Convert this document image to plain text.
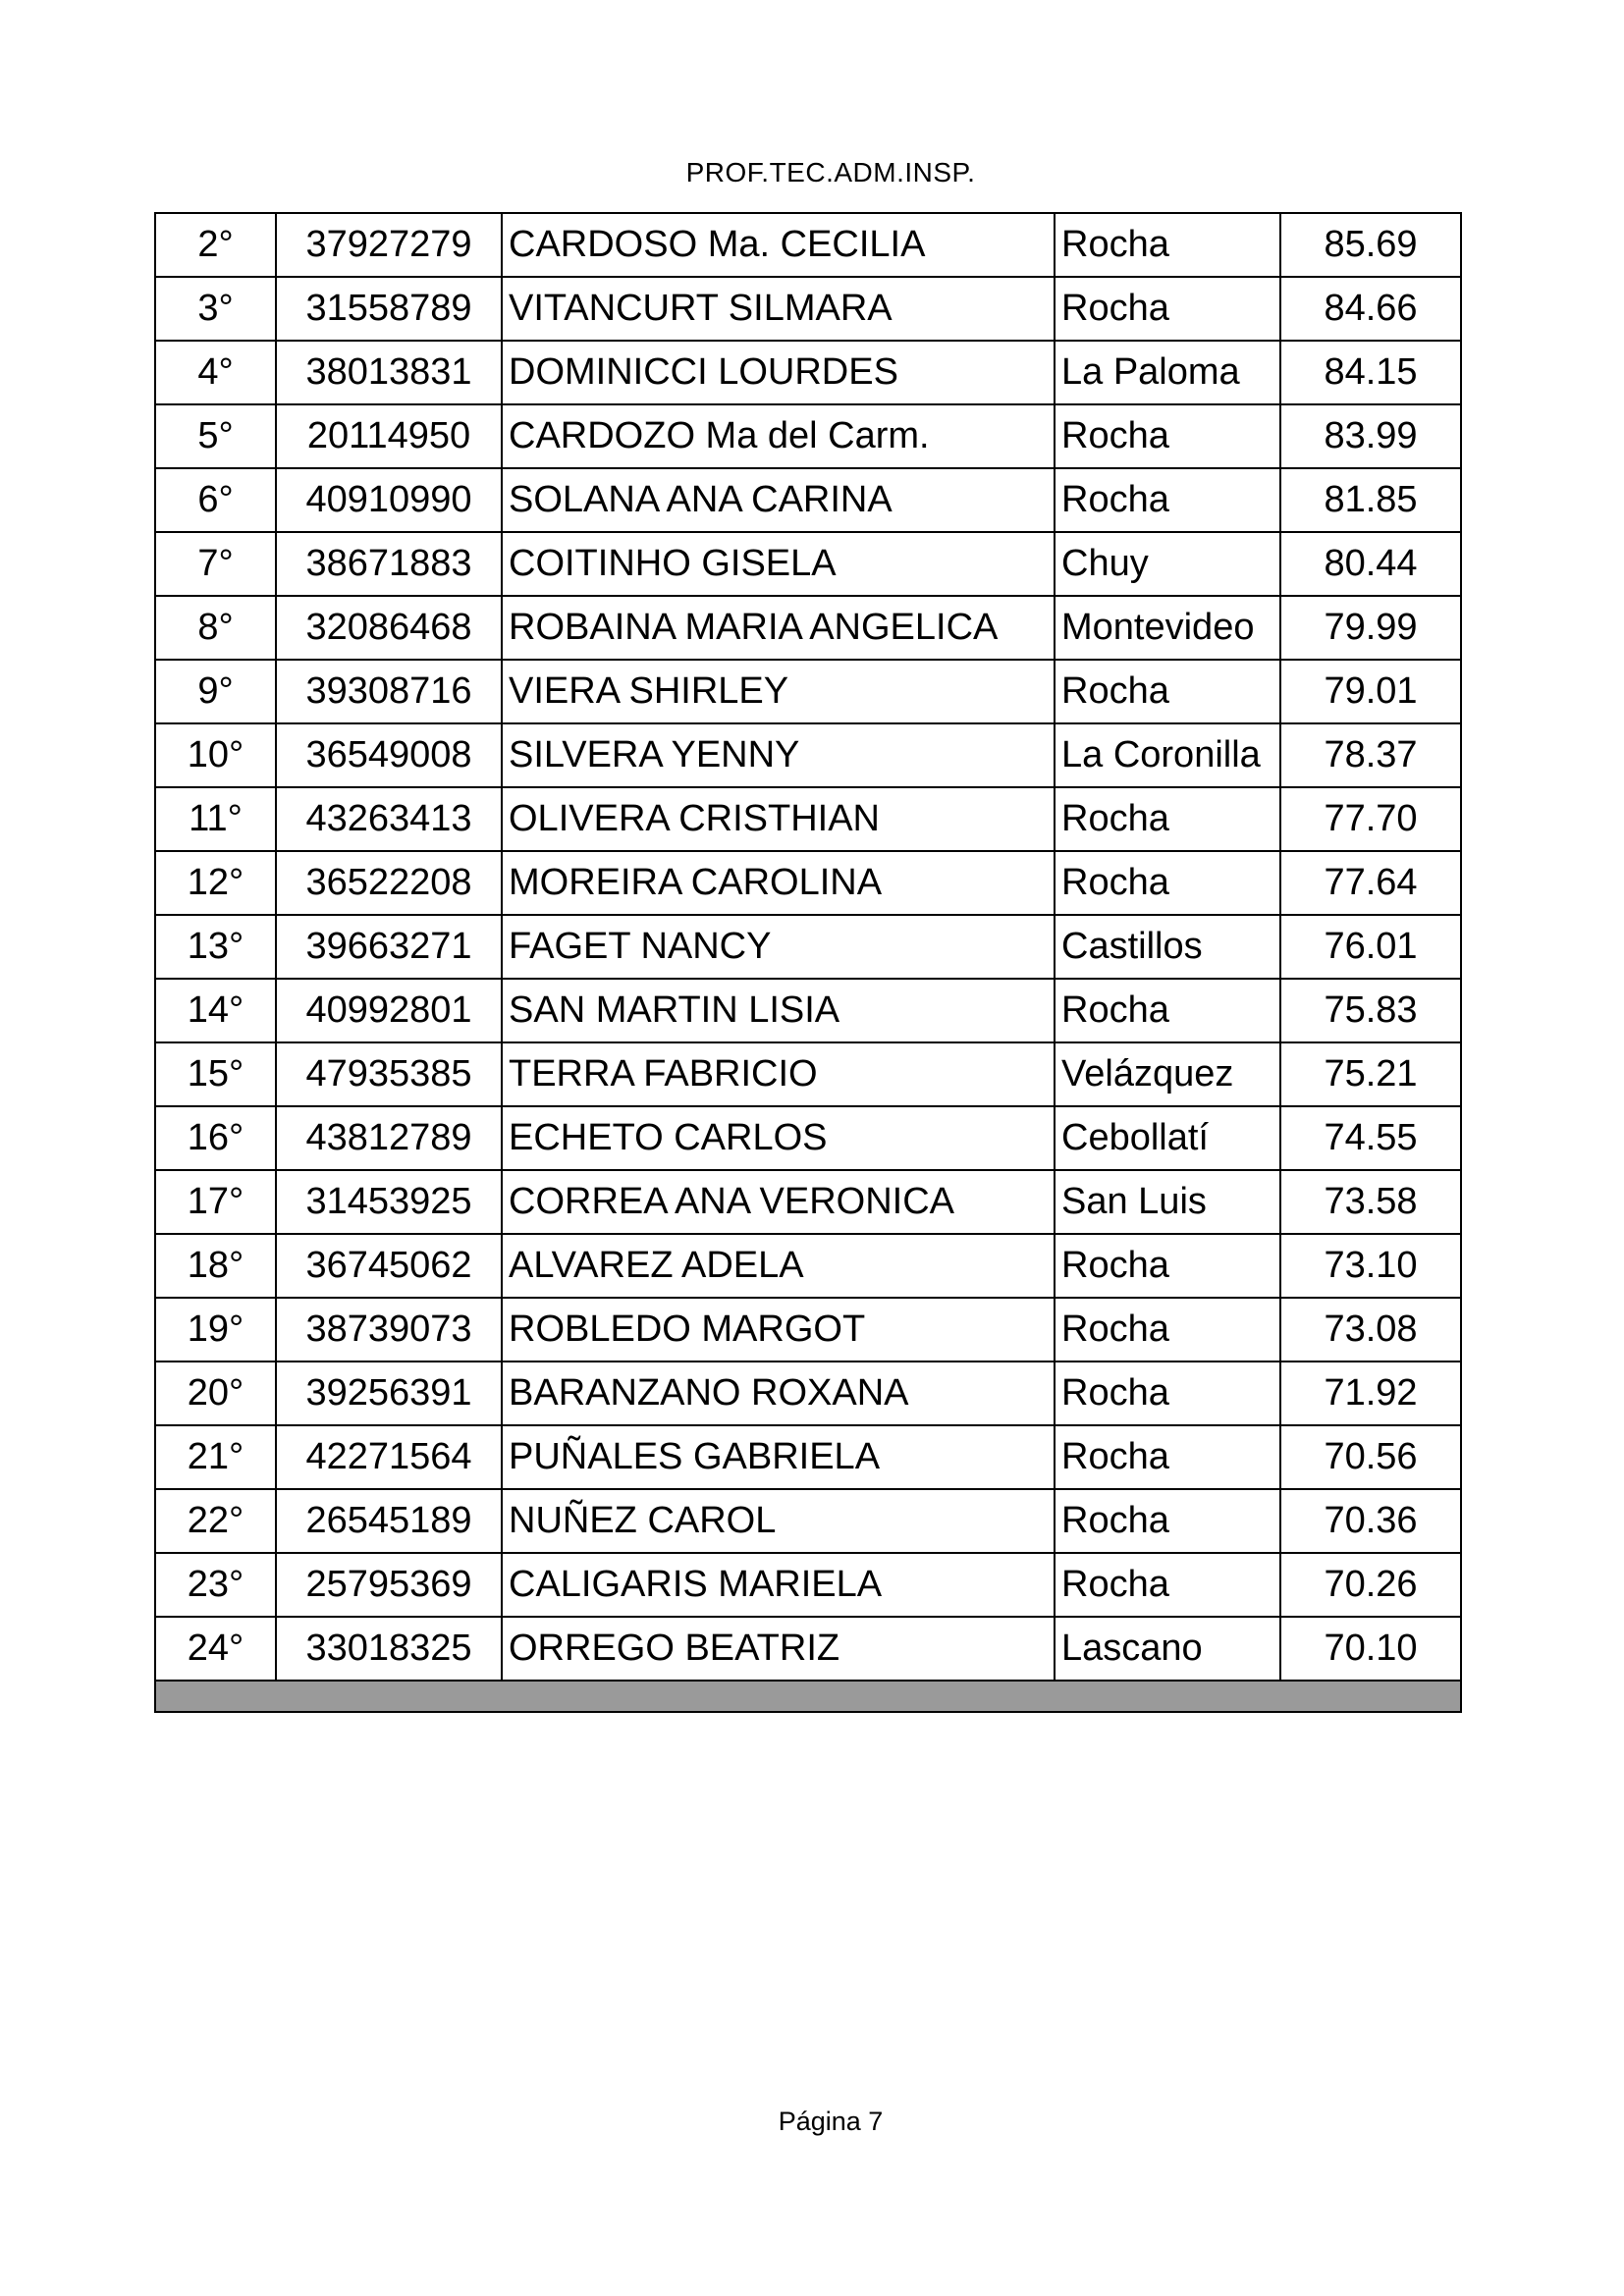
PROF.TEC.ADM.INSP.
2°	37927279	CARDOSO Ma. CECILIA	Rocha	85.69
3°	31558789	VITANCURT SILMARA	Rocha	84.66
4°	38013831	DOMINICCI LOURDES	La Paloma	84.15
5°	20114950	CARDOZO Ma del Carm.	Rocha	83.99
6°	40910990	SOLANA ANA CARINA	Rocha	81.85
7°	38671883	COITINHO GISELA	Chuy	80.44
8°	32086468	ROBAINA MARIA ANGELICA	Montevideo	79.99
9°	39308716	VIERA SHIRLEY	Rocha	79.01
10°	36549008	SILVERA YENNY	La Coronilla	78.37
11°	43263413	OLIVERA CRISTHIAN	Rocha	77.70
12°	36522208	MOREIRA CAROLINA	Rocha	77.64
13°	39663271	FAGET NANCY	Castillos	76.01
14°	40992801	SAN MARTIN LISIA	Rocha	75.83
15°	47935385	TERRA FABRICIO	Velázquez	75.21
16°	43812789	ECHETO CARLOS	Cebollatí	74.55
17°	31453925	CORREA ANA VERONICA	San Luis	73.58
18°	36745062	ALVAREZ ADELA	Rocha	73.10
19°	38739073	ROBLEDO MARGOT	Rocha	73.08
20°	39256391	BARANZANO ROXANA	Rocha	71.92
21°	42271564	PUÑALES GABRIELA	Rocha	70.56
22°	26545189	NUÑEZ CAROL	Rocha	70.36
23°	25795369	CALIGARIS MARIELA	Rocha	70.26
24°	33018325	ORREGO BEATRIZ	Lascano	70.10

Página 7
